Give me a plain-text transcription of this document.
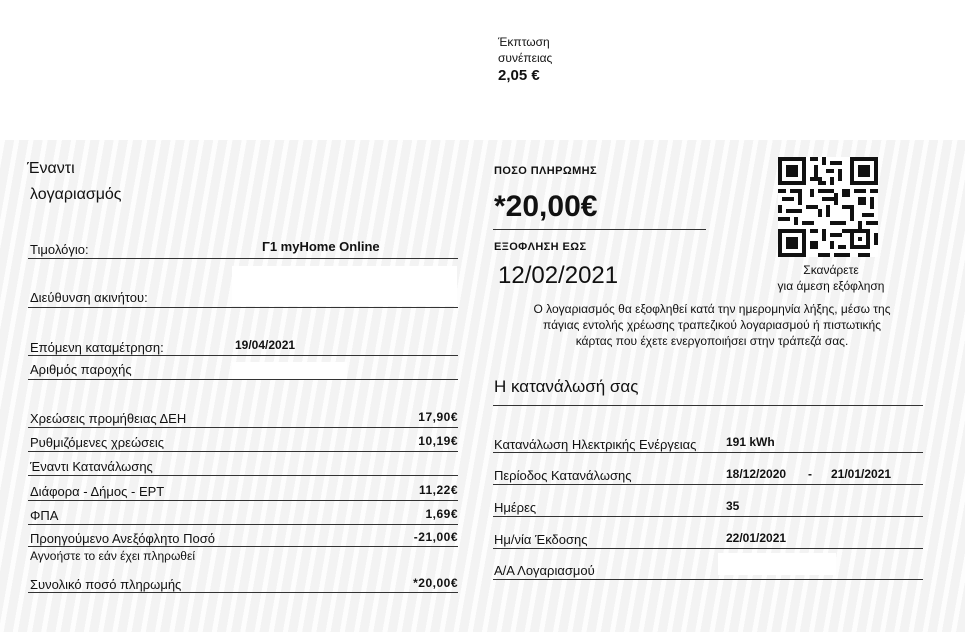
Έκπτωση
συνέπειας
2,05 €
Έναντι
λογαριασμός
Τιμολόγιο:	Γ1 myHome Online
Διεύθυνση ακινήτου:
Επόμενη καταμέτρηση:	19/04/2021
Αριθμός παροχής
Χρεώσεις προμήθειας ΔΕΗ	17,90€
Ρυθμιζόμενες χρεώσεις	10,19€
Έναντι Κατανάλωσης
Διάφορα - Δήμος - ΕΡΤ	11,22€
ΦΠΑ	1,69€
Προηγούμενο Ανεξόφλητο Ποσό	-21,00€
Αγνοήστε το εάν έχει πληρωθεί
Συνολικό ποσό πληρωμής	*20,00€
ΠΟΣΟ ΠΛΗΡΩΜΗΣ
*20,00€
ΕΞΟΦΛΗΣΗ ΕΩΣ
12/02/2021
Ο λογαριασμός θα εξοφληθεί κατά την ημερομηνία λήξης, μέσω της
πάγιας εντολής χρέωσης τραπεζικού λογαριασμού ή πιστωτικής
κάρτας που έχετε ενεργοποιήσει στην τράπεζά σας.
Σκανάρετε
για άμεση εξόφληση
Η κατανάλωσή σας
Κατανάλωση Ηλεκτρικής Ενέργειας 191 kWh
Περίοδος Κατανάλωσης	18/12/2020 - 21/01/2021
Ημέρες	35
Ημ/νία Έκδοσης	22/01/2021
Α/Α Λογαριασμού
